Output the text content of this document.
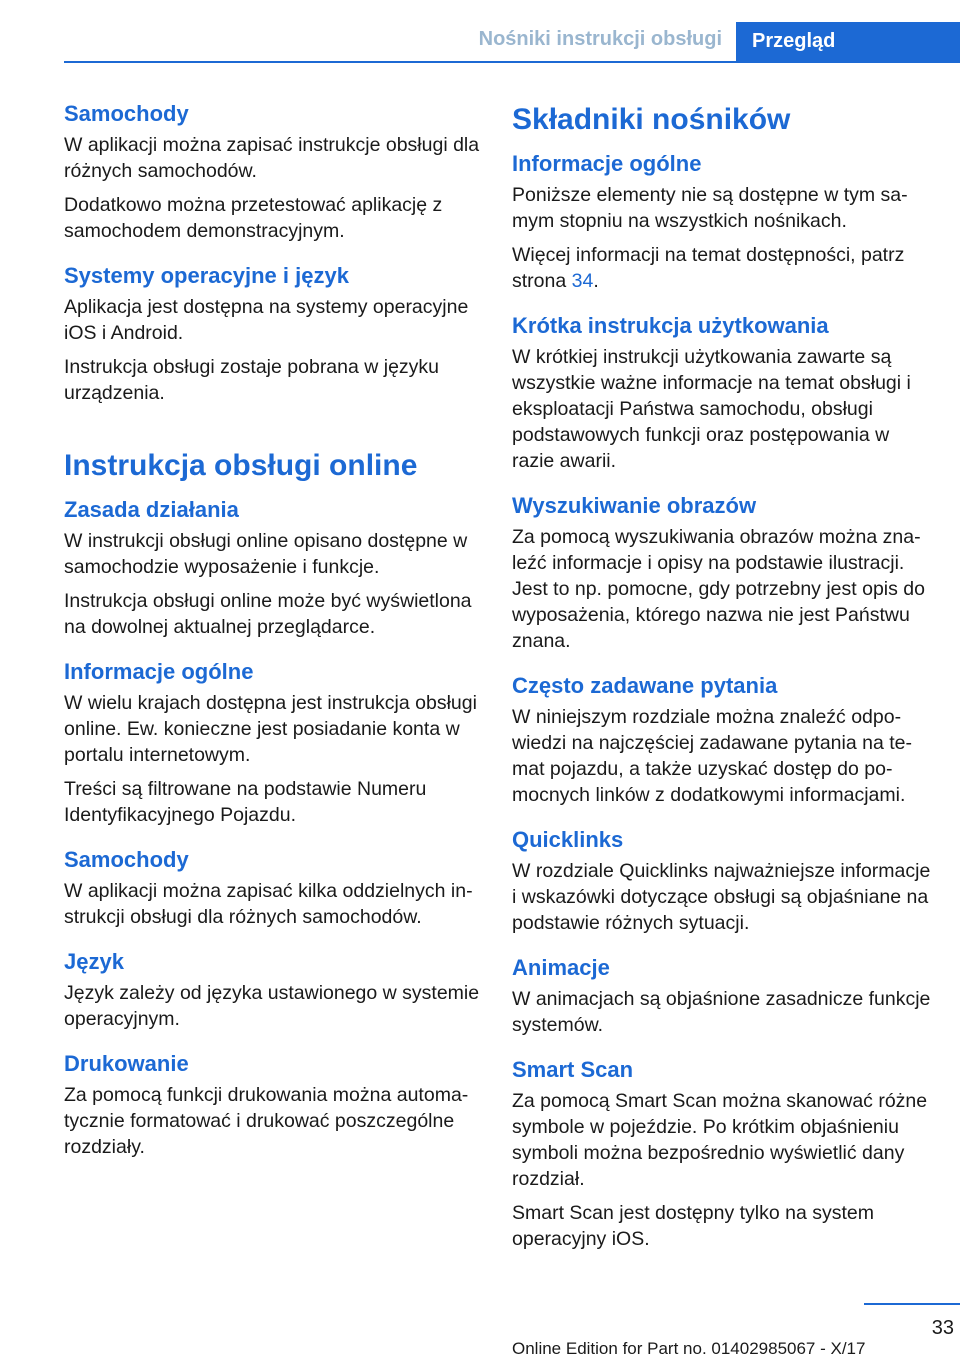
Nośniki instrukcji obsługi	Przegląd
Samochody

W aplikacji można zapisać instrukcje obsługi dla różnych samochodów.

Dodatkowo można przetestować aplikację z samochodem demonstracyjnym.

Systemy operacyjne i język

Aplikacja jest dostępna na systemy operacyjne iOS i Android.

Instrukcja obsługi zostaje pobrana w języku urządzenia.

Instrukcja obsługi online
Zasada działania

W instrukcji obsługi online opisano dostępne w samochodzie wyposażenie i funkcje.

Instrukcja obsługi online może być wyświetlona na dowolnej aktualnej przeglądarce.

Informacje ogólne

W wielu krajach dostępna jest instrukcja obsługi online. Ew. konieczne jest posiadanie konta w portalu internetowym.

Treści są filtrowane na podstawie Numeru Identyfikacyjnego Pojazdu.

Samochody

W aplikacji można zapisać kilka oddzielnych instrukcji obsługi dla różnych samochodów.

Język

Język zależy od języka ustawionego w systemie operacyjnym.

Drukowanie

Za pomocą funkcji drukowania można automatycznie formatować i drukować poszczególne rozdziały.

Składniki nośników
Informacje ogólne

Poniższe elementy nie są dostępne w tym samym stopniu na wszystkich nośnikach.

Więcej informacji na temat dostępności, patrz strona 34.

Krótka instrukcja użytkowania

W krótkiej instrukcji użytkowania zawarte są wszystkie ważne informacje na temat obsługi i eksploatacji Państwa samochodu, obsługi podstawowych funkcji oraz postępowania w razie awarii.

Wyszukiwanie obrazów

Za pomocą wyszukiwania obrazów można znaleźć informacje i opisy na podstawie ilustracji. Jest to np. pomocne, gdy potrzebny jest opis do wyposażenia, którego nazwa nie jest Państwu znana.

Często zadawane pytania

W niniejszym rozdziale można znaleźć odpowiedzi na najczęściej zadawane pytania na temat pojazdu, a także uzyskać dostęp do pomocnych linków z dodatkowymi informacjami.

Quicklinks

W rozdziale Quicklinks najważniejsze informacje i wskazówki dotyczące obsługi są objaśniane na podstawie różnych sytuacji.

Animacje

W animacjach są objaśnione zasadnicze funkcje systemów.

Smart Scan

Za pomocą Smart Scan można skanować różne symbole w pojeździe. Po krótkim objaśnieniu symboli można bezpośrednio wyświetlić dany rozdział.

Smart Scan jest dostępny tylko na system operacyjny iOS.

33
Online Edition for Part no. 01402985067 - X/17
